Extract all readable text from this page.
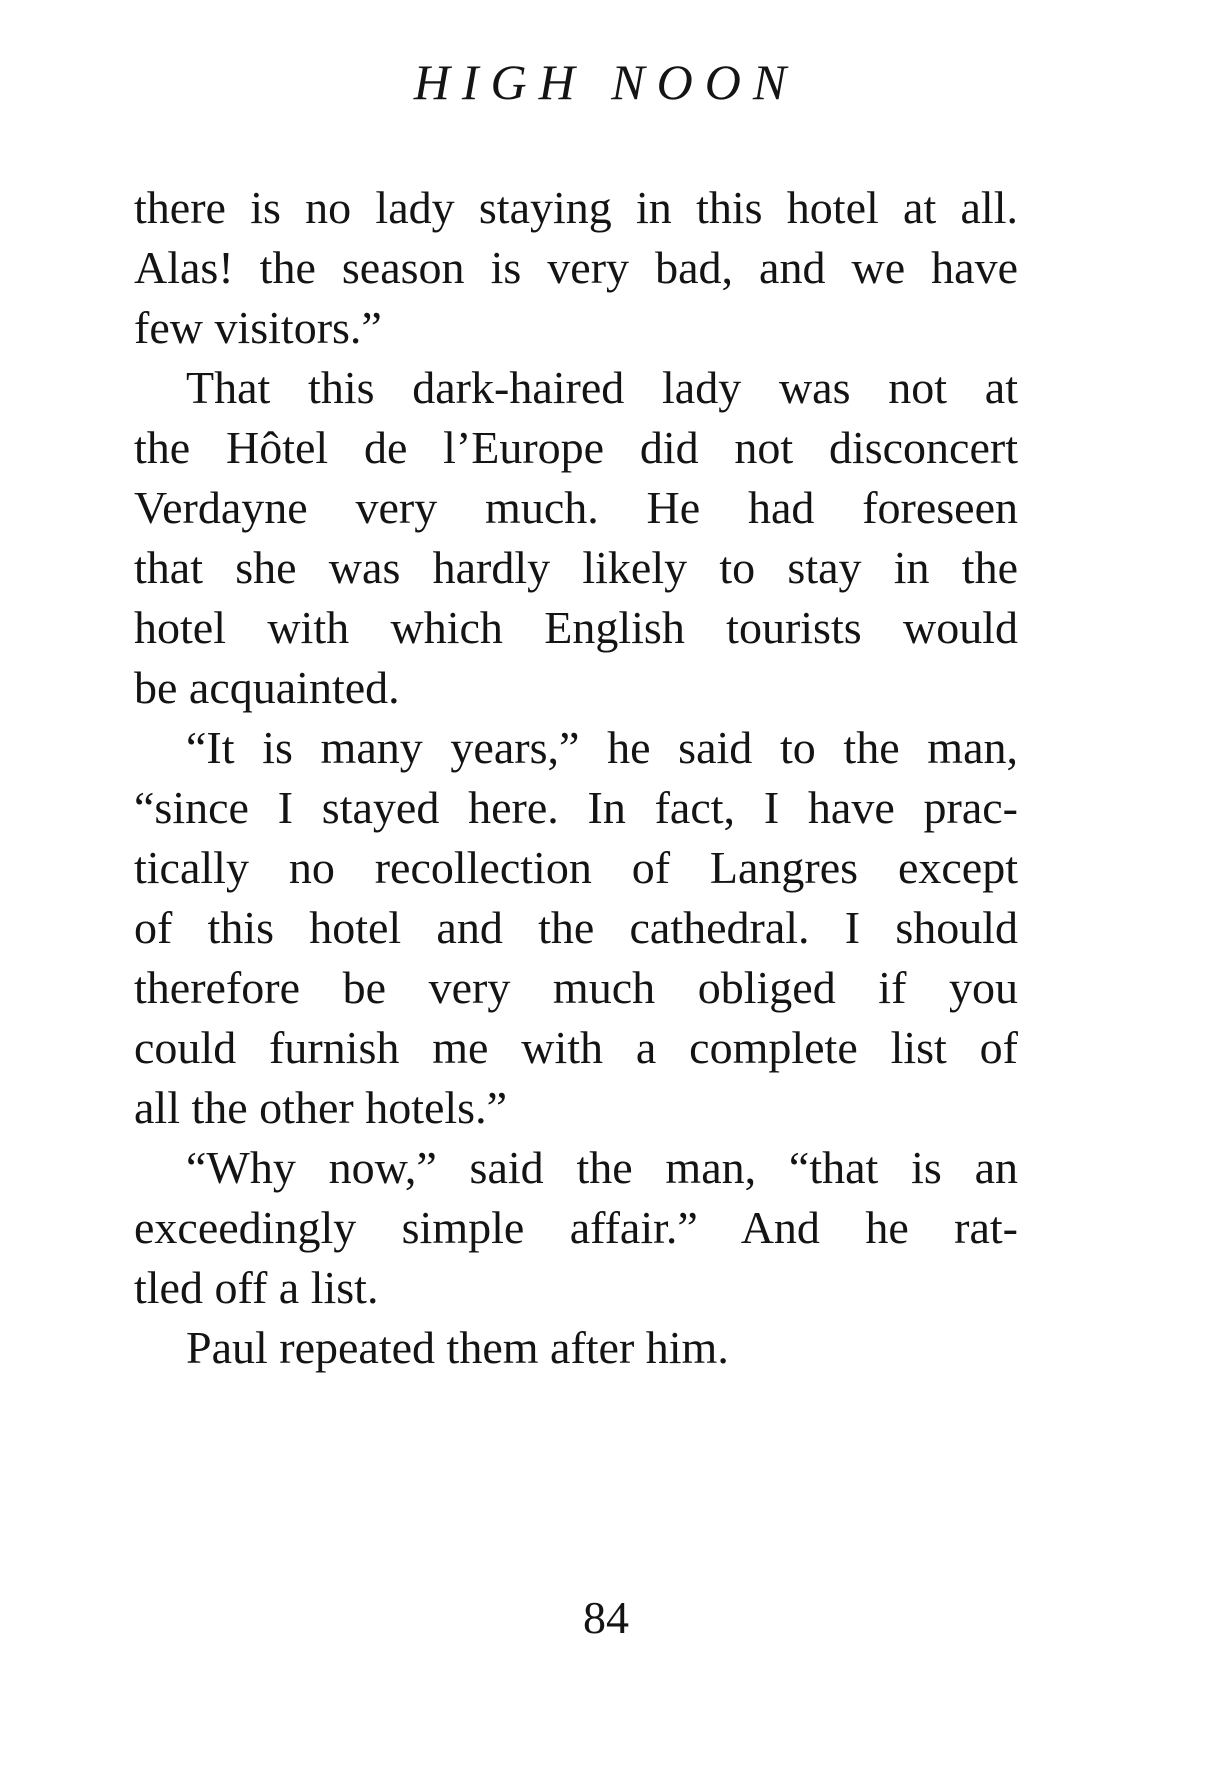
HIGH NOON
there is no lady staying in this hotel at all.
Alas! the season is very bad, and we have
few visitors.”
That this dark-haired lady was not at
the Hôtel de l’Europe did not disconcert
Verdayne very much. He had foreseen
that she was hardly likely to stay in the
hotel with which English tourists would
be acquainted.
“It is many years,” he said to the man,
“since I stayed here. In fact, I have prac-
tically no recollection of Langres except
of this hotel and the cathedral. I should
therefore be very much obliged if you
could furnish me with a complete list of
all the other hotels.”
“Why now,” said the man, “that is an
exceedingly simple affair.” And he rat-
tled off a list.
Paul repeated them after him.
84
